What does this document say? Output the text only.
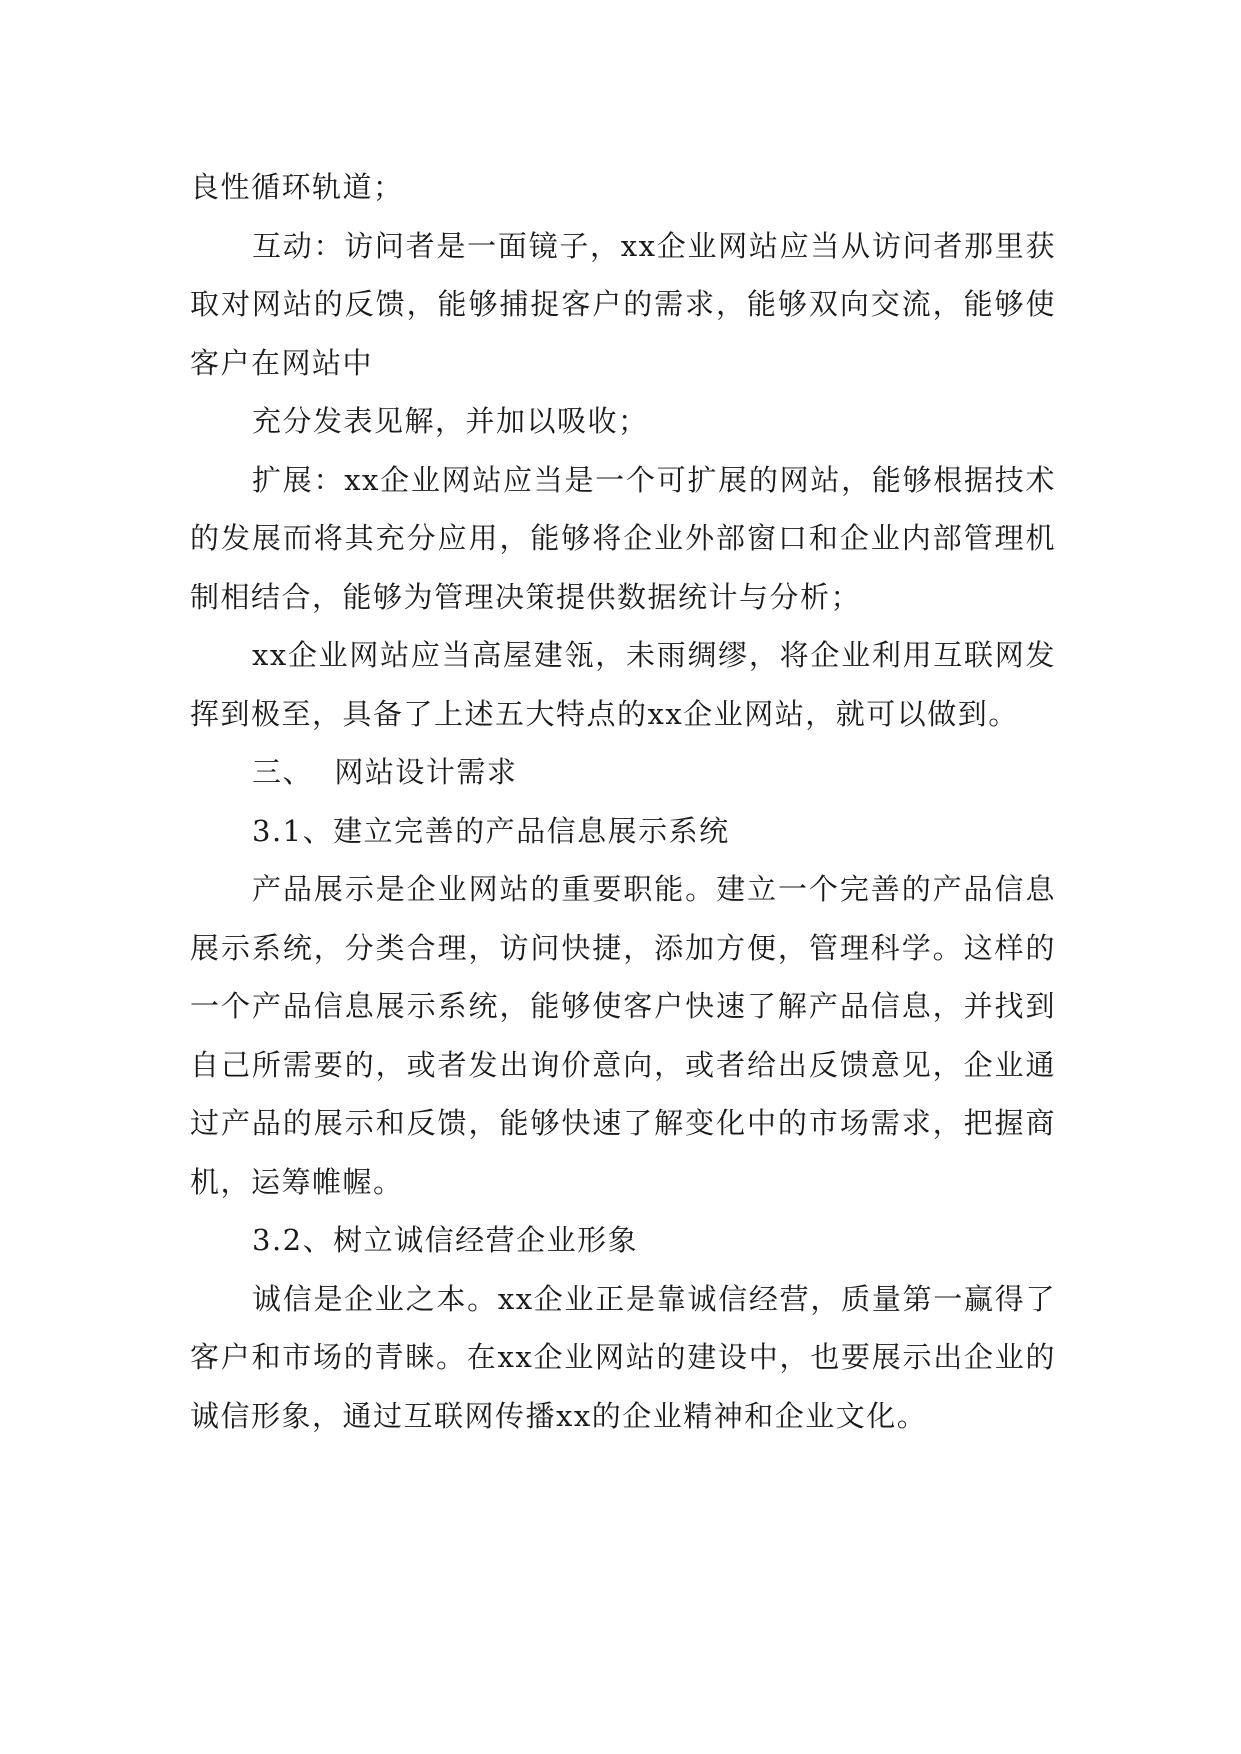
良性循环轨道；

互动：访问者是一面镜子，xx企业网站应当从访问者那里获取对网站的反馈，能够捕捉客户的需求，能够双向交流，能够使客户在网站中

充分发表见解，并加以吸收；

扩展：xx企业网站应当是一个可扩展的网站，能够根据技术的发展而将其充分应用，能够将企业外部窗口和企业内部管理机制相结合，能够为管理决策提供数据统计与分析；

xx企业网站应当高屋建瓴，未雨绸缪，将企业利用互联网发挥到极至，具备了上述五大特点的xx企业网站，就可以做到。

三、  网站设计需求

3.1、建立完善的产品信息展示系统

产品展示是企业网站的重要职能。建立一个完善的产品信息展示系统，分类合理，访问快捷，添加方便，管理科学。这样的一个产品信息展示系统，能够使客户快速了解产品信息，并找到自己所需要的，或者发出询价意向，或者给出反馈意见，企业通过产品的展示和反馈，能够快速了解变化中的市场需求，把握商机，运筹帷幄。

3.2、树立诚信经营企业形象

诚信是企业之本。xx企业正是靠诚信经营，质量第一赢得了客户和市场的青睐。在xx企业网站的建设中，也要展示出企业的诚信形象，通过互联网传播xx的企业精神和企业文化。
